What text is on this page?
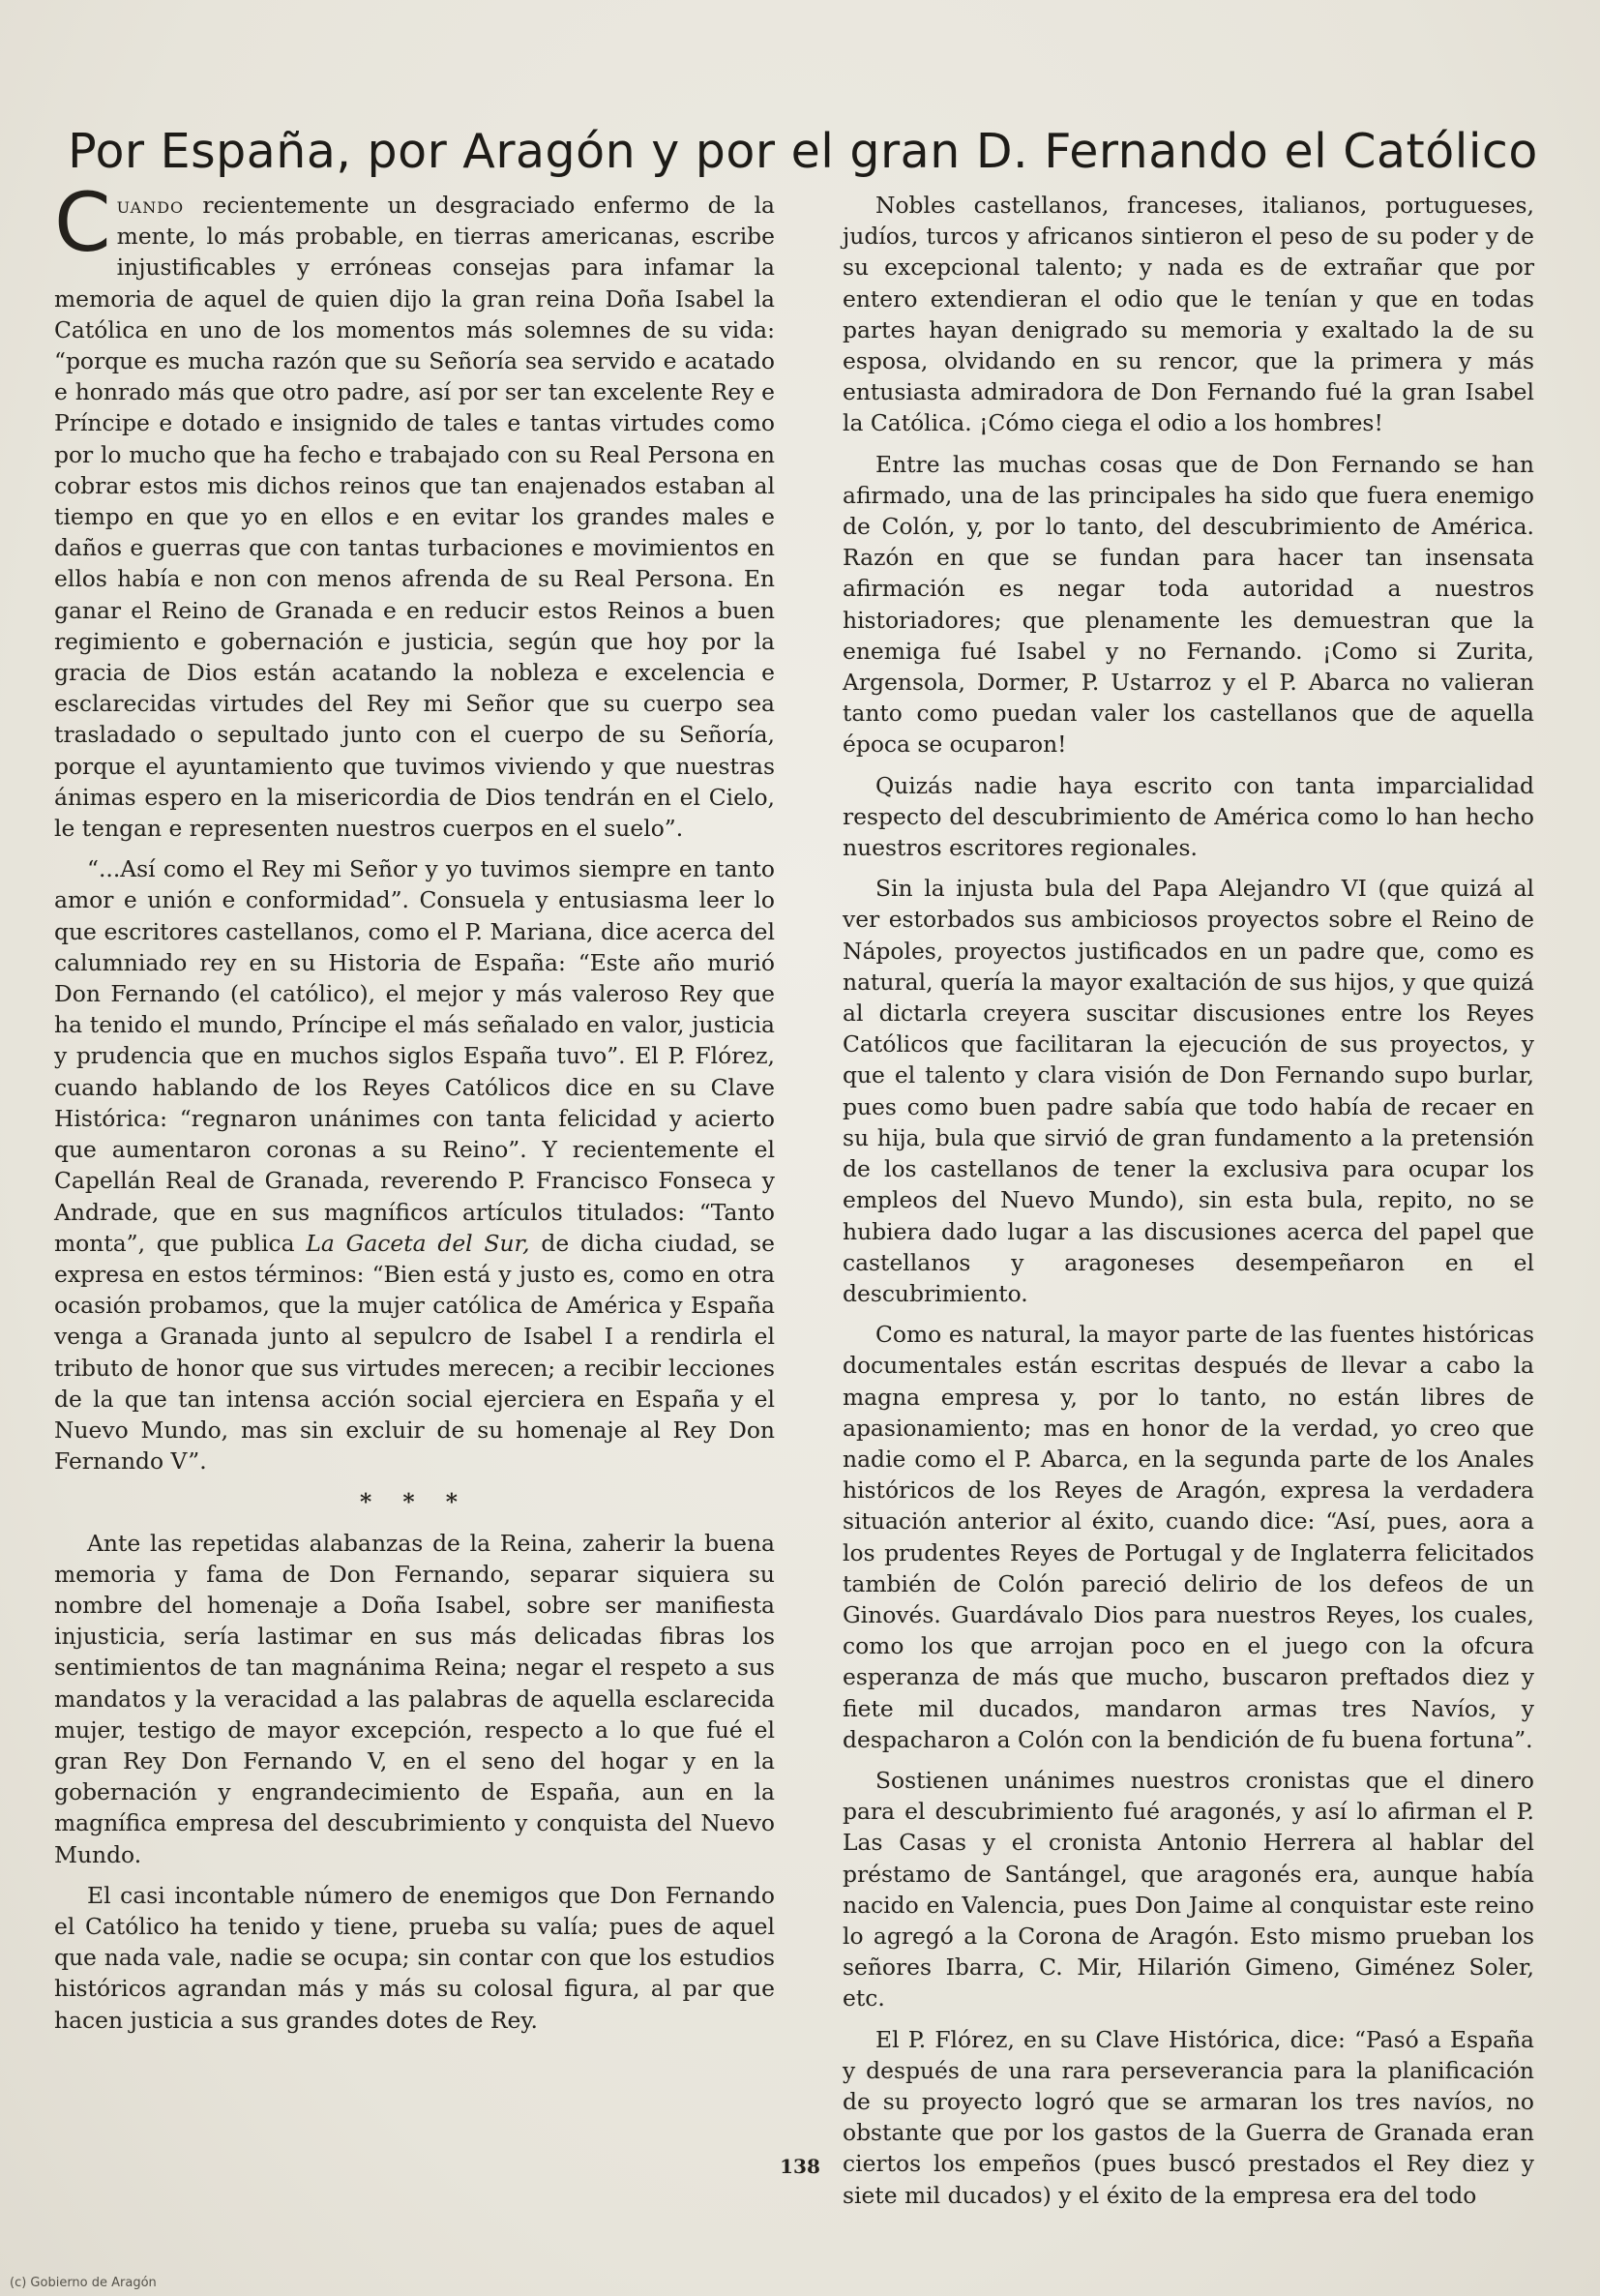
Por España, por Aragón y por el gran D. Fernando el Católico

Cuando recientemente un desgraciado enfermo de la mente, lo más probable, en tierras americanas, escribe injustificables y erróneas consejas para infamar la memoria de aquel de quien dijo la gran reina Doña Isabel la Católica en uno de los momentos más solemnes de su vida: “porque es mucha razón que su Señoría sea servido e acatado e honrado más que otro padre, así por ser tan excelente Rey e Príncipe e dotado e insignido de tales e tantas virtudes como por lo mucho que ha fecho e trabajado con su Real Persona en cobrar estos mis dichos reinos que tan enajenados estaban al tiempo en que yo en ellos e en evitar los grandes males e daños e guerras que con tantas turbaciones e movimientos en ellos había e non con menos afrenda de su Real Persona. En ganar el Reino de Granada e en reducir estos Reinos a buen regimiento e gobernación e justicia, según que hoy por la gracia de Dios están acatando la nobleza e excelencia e esclarecidas virtudes del Rey mi Señor que su cuerpo sea trasladado o sepultado junto con el cuerpo de su Señoría, porque el ayuntamiento que tuvimos viviendo y que nuestras ánimas espero en la misericordia de Dios tendrán en el Cielo, le tengan e representen nuestros cuerpos en el suelo”.

“...Así como el Rey mi Señor y yo tuvimos siempre en tanto amor e unión e conformidad”. Consuela y entusiasma leer lo que escritores castellanos, como el P. Mariana, dice acerca del calumniado rey en su Historia de España: “Este año murió Don Fernando (el católico), el mejor y más valeroso Rey que ha tenido el mundo, Príncipe el más señalado en valor, justicia y prudencia que en muchos siglos España tuvo”. El P. Flórez, cuando hablando de los Reyes Católicos dice en su Clave Histórica: “regnaron unánimes con tanta felicidad y acierto que aumentaron coronas a su Reino”. Y recientemente el Capellán Real de Granada, reverendo P. Francisco Fonseca y Andrade, que en sus magníficos artículos titulados: “Tanto monta”, que publica La Gaceta del Sur, de dicha ciudad, se expresa en estos términos: “Bien está y justo es, como en otra ocasión probamos, que la mujer católica de América y España venga a Granada junto al sepulcro de Isabel I a rendirla el tributo de honor que sus virtudes merecen; a recibir lecciones de la que tan intensa acción social ejerciera en España y el Nuevo Mundo, mas sin excluir de su homenaje al Rey Don Fernando V”.

* * *

Ante las repetidas alabanzas de la Reina, zaherir la buena memoria y fama de Don Fernando, separar siquiera su nombre del homenaje a Doña Isabel, sobre ser manifiesta injusticia, sería lastimar en sus más delicadas fibras los sentimientos de tan magnánima Reina; negar el respeto a sus mandatos y la veracidad a las palabras de aquella esclarecida mujer, testigo de mayor excepción, respecto a lo que fué el gran Rey Don Fernando V, en el seno del hogar y en la gobernación y engrandecimiento de España, aun en la magnífica empresa del descubrimiento y conquista del Nuevo Mundo.

El casi incontable número de enemigos que Don Fernando el Católico ha tenido y tiene, prueba su valía; pues de aquel que nada vale, nadie se ocupa; sin contar con que los estudios históricos agrandan más y más su colosal figura, al par que hacen justicia a sus grandes dotes de Rey.

Nobles castellanos, franceses, italianos, portugueses, judíos, turcos y africanos sintieron el peso de su poder y de su excepcional talento; y nada es de extrañar que por entero extendieran el odio que le tenían y que en todas partes hayan denigrado su memoria y exaltado la de su esposa, olvidando en su rencor, que la primera y más entusiasta admiradora de Don Fernando fué la gran Isabel la Católica. ¡Cómo ciega el odio a los hombres!

Entre las muchas cosas que de Don Fernando se han afirmado, una de las principales ha sido que fuera enemigo de Colón, y, por lo tanto, del descubrimiento de América. Razón en que se fundan para hacer tan insensata afirmación es negar toda autoridad a nuestros historiadores; que plenamente les demuestran que la enemiga fué Isabel y no Fernando. ¡Como si Zurita, Argensola, Dormer, P. Ustarroz y el P. Abarca no valieran tanto como puedan valer los castellanos que de aquella época se ocuparon!

Quizás nadie haya escrito con tanta imparcialidad respecto del descubrimiento de América como lo han hecho nuestros escritores regionales.

Sin la injusta bula del Papa Alejandro VI (que quizá al ver estorbados sus ambiciosos proyectos sobre el Reino de Nápoles, proyectos justificados en un padre que, como es natural, quería la mayor exaltación de sus hijos, y que quizá al dictarla creyera suscitar discusiones entre los Reyes Católicos que facilitaran la ejecución de sus proyectos, y que el talento y clara visión de Don Fernando supo burlar, pues como buen padre sabía que todo había de recaer en su hija, bula que sirvió de gran fundamento a la pretensión de los castellanos de tener la exclusiva para ocupar los empleos del Nuevo Mundo), sin esta bula, repito, no se hubiera dado lugar a las discusiones acerca del papel que castellanos y aragoneses desempeñaron en el descubrimiento.

Como es natural, la mayor parte de las fuentes históricas documentales están escritas después de llevar a cabo la magna empresa y, por lo tanto, no están libres de apasionamiento; mas en honor de la verdad, yo creo que nadie como el P. Abarca, en la segunda parte de los Anales históricos de los Reyes de Aragón, expresa la verdadera situación anterior al éxito, cuando dice: “Así, pues, aora a los prudentes Reyes de Portugal y de Inglaterra felicitados también de Colón pareció delirio de los defeos de un Ginovés. Guardávalo Dios para nuestros Reyes, los cuales, como los que arrojan poco en el juego con la ofcura esperanza de más que mucho, buscaron preftados diez y fiete mil ducados, mandaron armas tres Navíos, y despacharon a Colón con la bendición de fu buena fortuna”.

Sostienen unánimes nuestros cronistas que el dinero para el descubrimiento fué aragonés, y así lo afirman el P. Las Casas y el cronista Antonio Herrera al hablar del préstamo de Santángel, que aragonés era, aunque había nacido en Valencia, pues Don Jaime al conquistar este reino lo agregó a la Corona de Aragón. Esto mismo prueban los señores Ibarra, C. Mir, Hilarión Gimeno, Giménez Soler, etc.

El P. Flórez, en su Clave Histórica, dice: “Pasó a España y después de una rara perseverancia para la planificación de su proyecto logró que se armaran los tres navíos, no obstante que por los gastos de la Guerra de Granada eran ciertos los empeños (pues buscó prestados el Rey diez y siete mil ducados) y el éxito de la empresa era del todo

138
(c) Gobierno de Aragón
